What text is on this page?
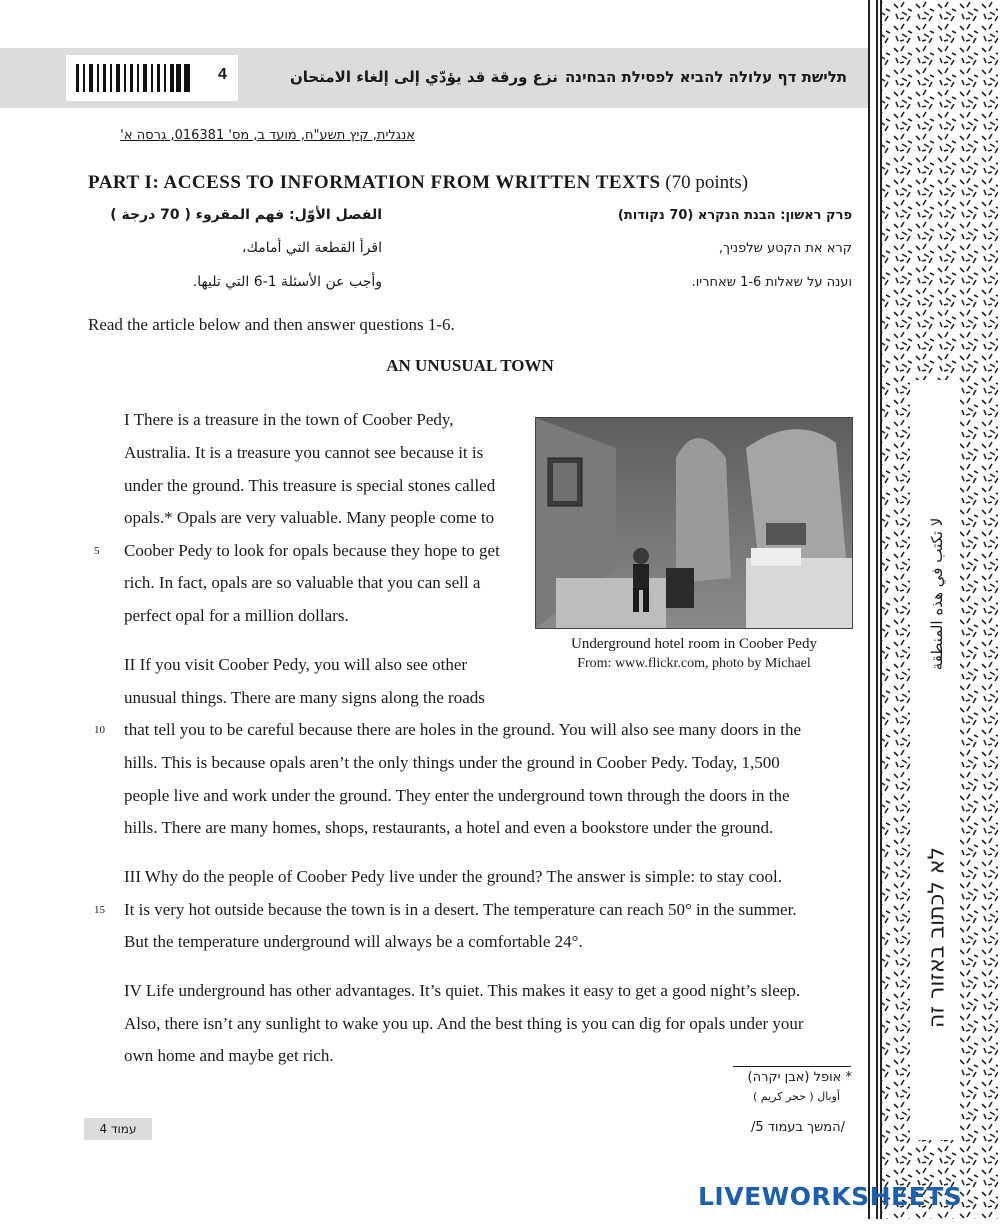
4	نزع ورقة قد يؤدّي إلى إلغاء الامتحان תלישת דף עלולה להביא לפסילת הבחינה
אנגלית, קיץ תשע"ח, מועד ב, מס' 016381, גרסה א'
PART I: ACCESS TO INFORMATION FROM WRITTEN TEXTS (70 points)
פרק ראשון: הבנת הנקרא (70 נקודות)
קרא את הקטע שלפניך,
וענה על שאלות 1-6 שאחריו.
الفصل الأوّل: فهم المقروء ( 70 درجة )
اقرأ القطعة التي أمامك،
وأجب عن الأسئلة 1-6 التي تليها.
Read the article below and then answer questions 1-6.
AN UNUSUAL TOWN
I There is a treasure in the town of Coober Pedy,
Australia. It is a treasure you cannot see because it is
under the ground. This treasure is special stones called
opals.* Opals are very valuable. Many people come to
Coober Pedy to look for opals because they hope to get
rich. In fact, opals are so valuable that you can sell a
perfect opal for a million dollars.
II If you visit Coober Pedy, you will also see other
unusual things. There are many signs along the roads
that tell you to be careful because there are holes in the ground. You will also see many doors in the
hills. This is because opals aren’t the only things under the ground in Coober Pedy. Today, 1,500
people live and work under the ground. They enter the underground town through the doors in the
hills. There are many homes, shops, restaurants, a hotel and even a bookstore under the ground.
III Why do the people of Coober Pedy live under the ground? The answer is simple: to stay cool.
It is very hot outside because the town is in a desert. The temperature can reach 50° in the summer.
But the temperature underground will always be a comfortable 24°.
IV Life underground has other advantages. It’s quiet. This makes it easy to get a good night’s sleep.
Also, there isn’t any sunlight to wake you up. And the best thing is you can dig for opals under your
own home and maybe get rich.
5
10
15
Underground hotel room in Coober Pedy
From: www.flickr.com, photo by Michael
* אופל (אבן יקרה)
أوبال ( حجر كريم )
עמוד 4	/המשך בעמוד 5/
لا تكتب في هذه المنطقة
לא לכתוב באזור זה
LIVEWORKSHEETS
